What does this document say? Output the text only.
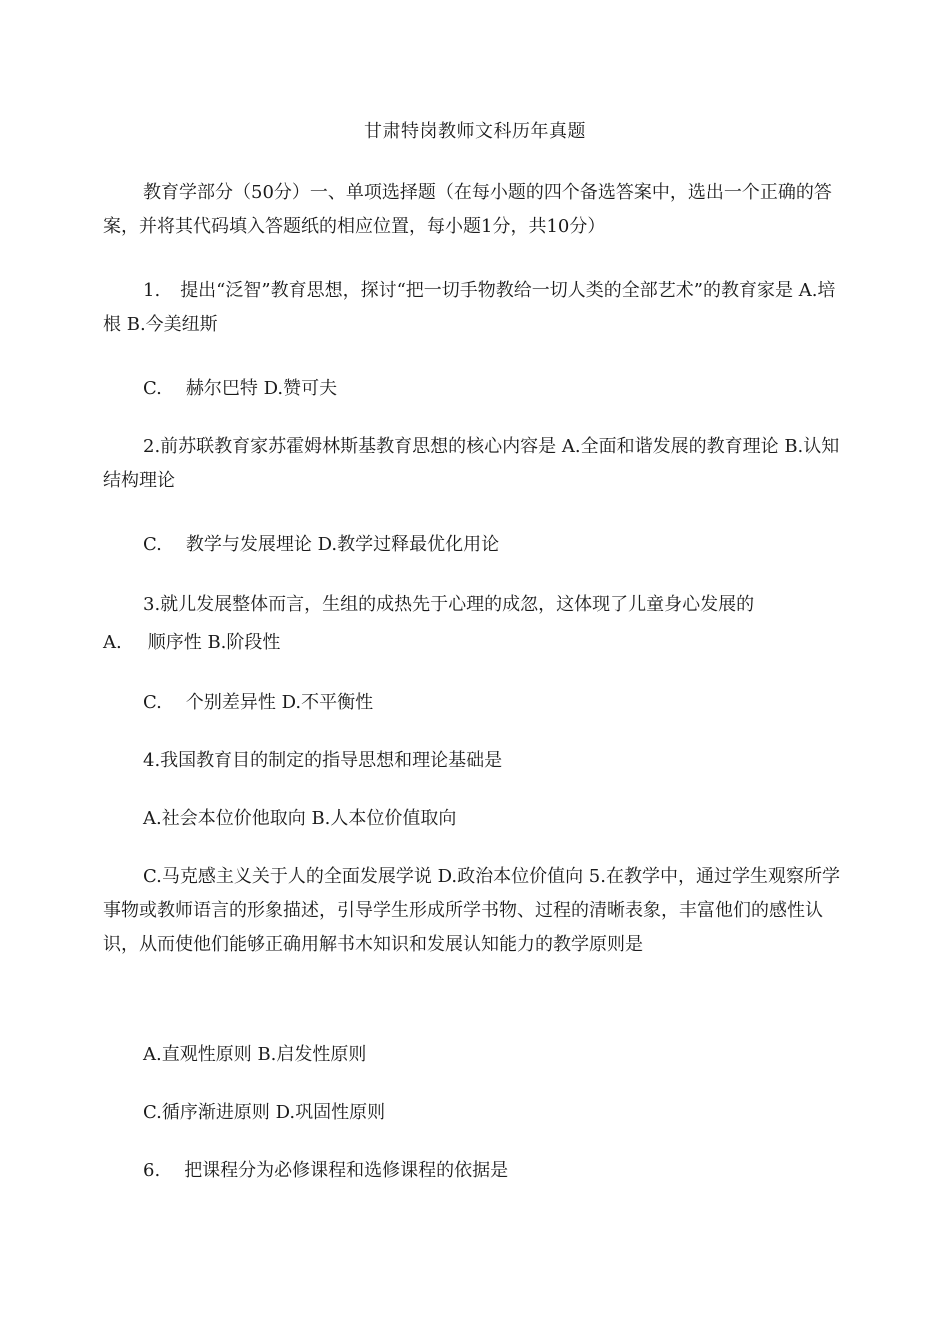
甘肃特岗教师文科历年真题

教育学部分（50分）一、单项选择题（在每小题的四个备选答案中，选出一个正确的答案，并将其代码填入答题纸的相应位置，每小题1分，共10分）

1. 提出“泛智”教育思想，探讨“把一切手物教给一切人类的全部艺术”的教育家是 A.培根 B.今美纽斯

C. 赫尔巴特 D.赞可夫

2.前苏联教育家苏霍姆林斯基教育思想的核心内容是 A.全面和谐发展的教育理论 B.认知结构理论

C. 教学与发展埋论 D.教学过释最优化用论

3.就儿发展整体而言，生组的成热先于心理的成忽，这体现了儿童身心发展的

A. 顺序性 B.阶段性

C. 个别差异性 D.不平衡性

4.我国教育目的制定的指导思想和理论基础是

A.社会本位价他取向 B.人本位价值取向

C.马克感主义关于人的全面发展学说 D.政治本位价值向 5.在教学中，通过学生观察所学事物或教师语言的形象描述，引导学生形成所学书物、过程的清晰表象，丰富他们的感性认识，从而使他们能够正确用解书木知识和发展认知能力的教学原则是

A.直观性原则 B.启发性原则

C.循序渐进原则 D.巩固性原则

6. 把课程分为必修课程和选修课程的依据是
